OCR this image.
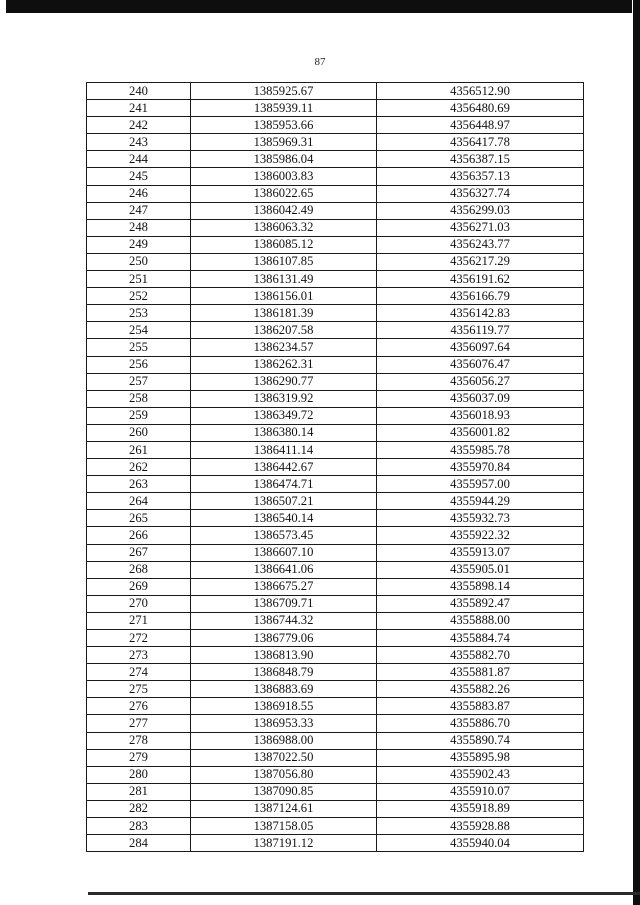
87
240	1385925.67	4356512.90
241	1385939.11	4356480.69
242	1385953.66	4356448.97
243	1385969.31	4356417.78
244	1385986.04	4356387.15
245	1386003.83	4356357.13
246	1386022.65	4356327.74
247	1386042.49	4356299.03
248	1386063.32	4356271.03
249	1386085.12	4356243.77
250	1386107.85	4356217.29
251	1386131.49	4356191.62
252	1386156.01	4356166.79
253	1386181.39	4356142.83
254	1386207.58	4356119.77
255	1386234.57	4356097.64
256	1386262.31	4356076.47
257	1386290.77	4356056.27
258	1386319.92	4356037.09
259	1386349.72	4356018.93
260	1386380.14	4356001.82
261	1386411.14	4355985.78
262	1386442.67	4355970.84
263	1386474.71	4355957.00
264	1386507.21	4355944.29
265	1386540.14	4355932.73
266	1386573.45	4355922.32
267	1386607.10	4355913.07
268	1386641.06	4355905.01
269	1386675.27	4355898.14
270	1386709.71	4355892.47
271	1386744.32	4355888.00
272	1386779.06	4355884.74
273	1386813.90	4355882.70
274	1386848.79	4355881.87
275	1386883.69	4355882.26
276	1386918.55	4355883.87
277	1386953.33	4355886.70
278	1386988.00	4355890.74
279	1387022.50	4355895.98
280	1387056.80	4355902.43
281	1387090.85	4355910.07
282	1387124.61	4355918.89
283	1387158.05	4355928.88
284	1387191.12	4355940.04
